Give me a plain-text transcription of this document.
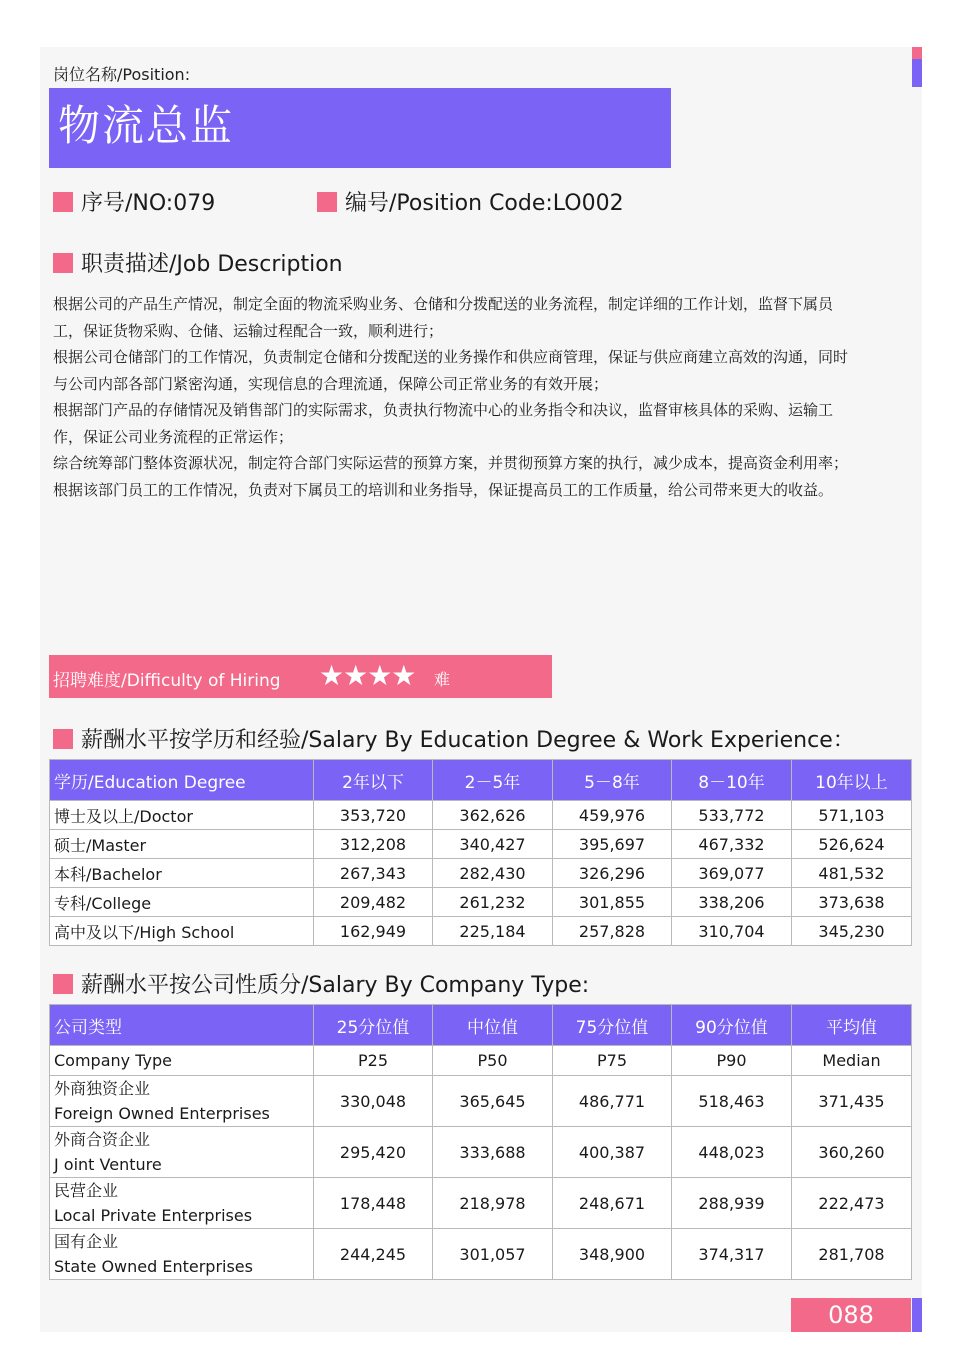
岗位名称/Position:
物流总监
序号/NO:079	编号/Position Code:LO002
职责描述/Job Description
根据公司的产品生产情况，制定全面的物流采购业务、仓储和分拨配送的业务流程，制定详细的工作计划，监督下属员
工，保证货物采购、仓储、运输过程配合一致，顺利进行；
根据公司仓储部门的工作情况，负责制定仓储和分拨配送的业务操作和供应商管理，保证与供应商建立高效的沟通，同时
与公司内部各部门紧密沟通，实现信息的合理流通，保障公司正常业务的有效开展；
根据部门产品的存储情况及销售部门的实际需求，负责执行物流中心的业务指令和决议，监督审核具体的采购、运输工
作，保证公司业务流程的正常运作；
综合统筹部门整体资源状况，制定符合部门实际运营的预算方案，并贯彻预算方案的执行，减少成本，提高资金利用率；
根据该部门员工的工作情况，负责对下属员工的培训和业务指导，保证提高员工的工作质量，给公司带来更大的收益。
招聘难度/Difficulty of Hiring ★★★★ 难
薪酬水平按学历和经验/Salary By Education Degree & Work Experience：
学历/Education Degree	2年以下	2－5年	5－8年	8－10年	10年以上
博士及以上/Doctor	353,720	362,626	459,976	533,772	571,103
硕士/Master	312,208	340,427	395,697	467,332	526,624
本科/Bachelor	267,343	282,430	326,296	369,077	481,532
专科/College	209,482	261,232	301,855	338,206	373,638
高中及以下/High School	162,949	225,184	257,828	310,704	345,230
薪酬水平按公司性质分/Salary By Company Type:
公司类型	25分位值	中位值	75分位值	90分位值	平均值
Company Type	P25	P50	P75	P90	Median

外商独资企业
Foreign Owned Enterprises	330,048	365,645	486,771	518,463	371,435

外商合资企业
J oint Venture	295,420	333,688	400,387	448,023	360,260

民营企业
Local Private Enterprises	178,448	218,978	248,671	288,939	222,473

国有企业
State Owned Enterprises	244,245	301,057	348,900	374,317	281,708
088
